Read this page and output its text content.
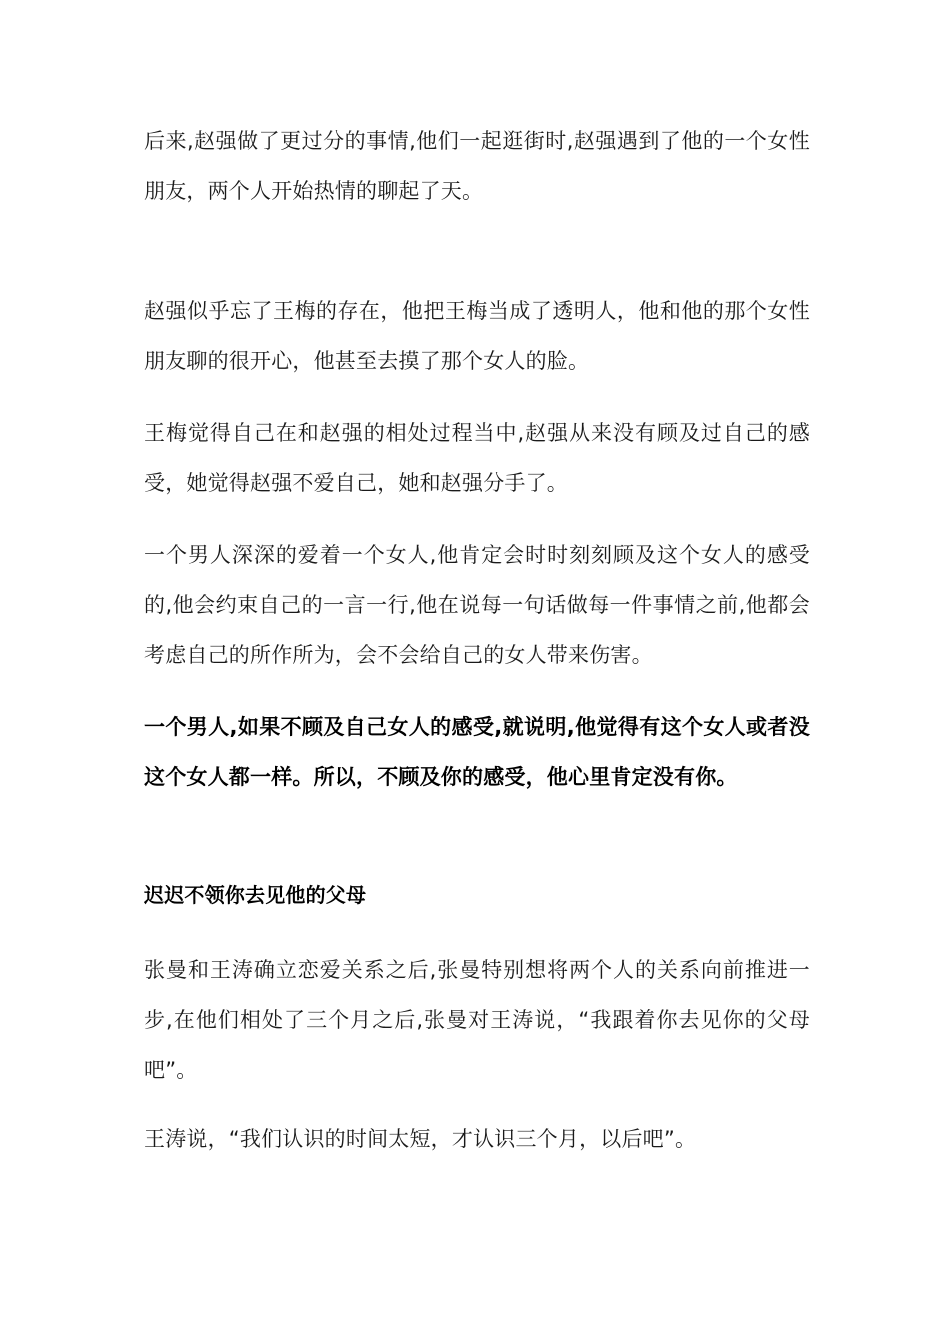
后来,赵强做了更过分的事情,他们一起逛街时,赵强遇到了他的一个女性朋友，两个人开始热情的聊起了天。

赵强似乎忘了王梅的存在，他把王梅当成了透明人，他和他的那个女性朋友聊的很开心，他甚至去摸了那个女人的脸。

王梅觉得自己在和赵强的相处过程当中,赵强从来没有顾及过自己的感受，她觉得赵强不爱自己，她和赵强分手了。

一个男人深深的爱着一个女人,他肯定会时时刻刻顾及这个女人的感受的,他会约束自己的一言一行,他在说每一句话做每一件事情之前,他都会考虑自己的所作所为，会不会给自己的女人带来伤害。

一个男人,如果不顾及自己女人的感受,就说明,他觉得有这个女人或者没这个女人都一样。所以，不顾及你的感受，他心里肯定没有你。

迟迟不领你去见他的父母

张曼和王涛确立恋爱关系之后,张曼特别想将两个人的关系向前推进一步,在他们相处了三个月之后,张曼对王涛说，“我跟着你去见你的父母吧”。

王涛说，“我们认识的时间太短，才认识三个月，以后吧”。
